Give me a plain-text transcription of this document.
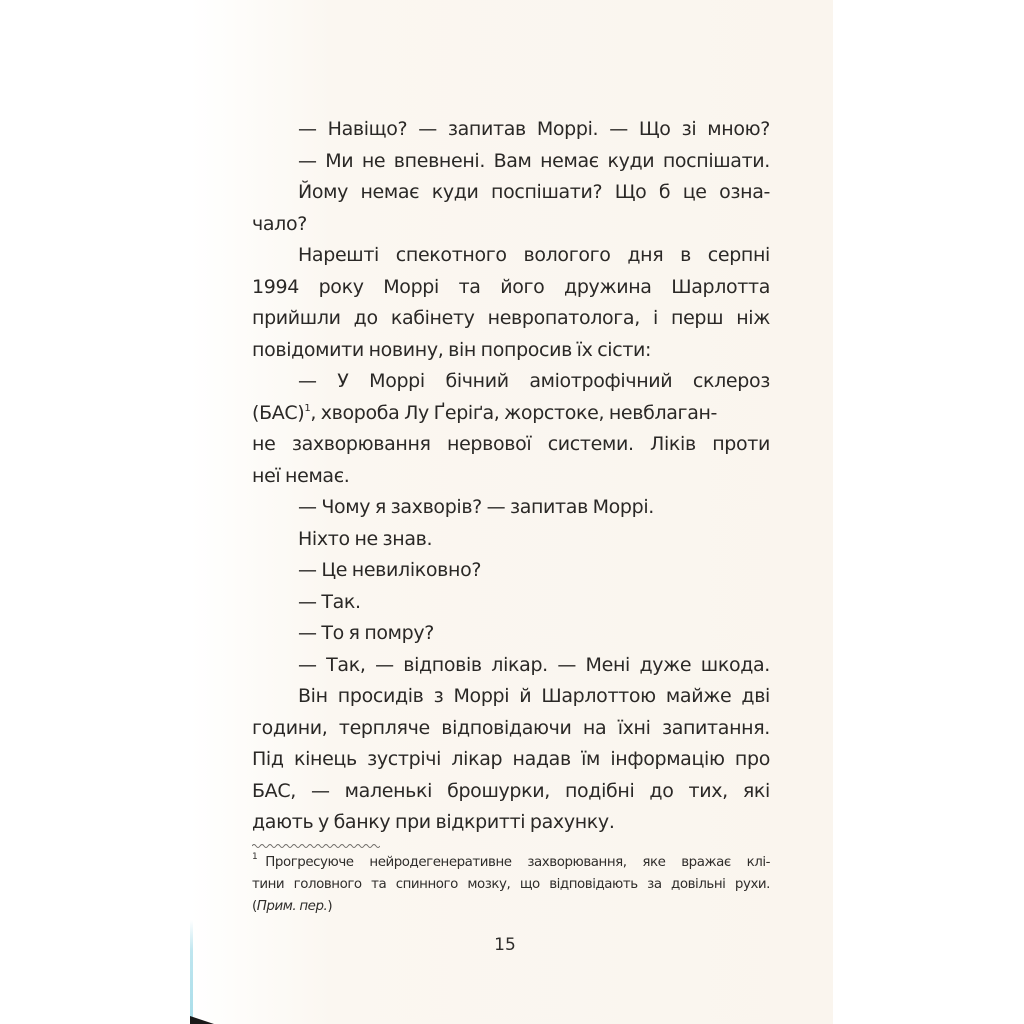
— Навіщо? — запитав Моррі. — Що зі мною?
— Ми не впевнені. Вам немає куди поспішати.
Йому немає куди поспішати? Що б це озна-
чало?
Нарешті спекотного вологого дня в серпні
1994 року Моррі та його дружина Шарлотта
прийшли до кабінету невропатолога, і перш ніж
повідомити новину, він попросив їх сісти:
— У Моррі бічний аміотрофічний склероз
(БАС)$^1$, хвороба Лу Ґеріґа, жорстоке, невблаган-
не захворювання нервової системи. Ліків проти
неї немає.
— Чому я захворів? — запитав Моррі.
Ніхто не знав.
— Це невиліковно?
— Так.
— То я помру?
— Так, — відповів лікар. — Мені дуже шкода.
Він просидів з Моррі й Шарлоттою майже дві
години, терпляче відповідаючи на їхні запитання.
Під кінець зустрічі лікар надав їм інформацію про
БАС, — маленькі брошурки, подібні до тих, які
дають у банку при відкритті рахунку.
$^1$ Прогресуюче нейродегенеративне захворювання, яке вражає клі-
тини головного та спинного мозку, що відповідають за довільні рухи.
(Прим. пер.)
15
